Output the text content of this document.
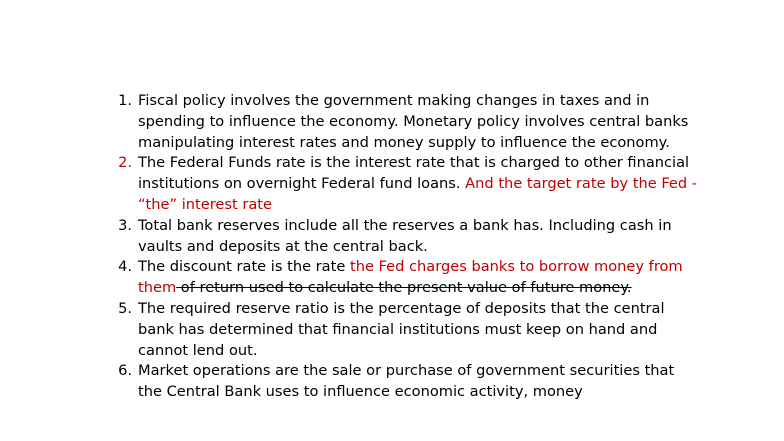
1. Fiscal policy involves the government making changes in taxes and in spending to influence the economy. Monetary policy involves central banks manipulating interest rates and money supply to influence the economy.
2. The Federal Funds rate is the interest rate that is charged to other financial institutions on overnight Federal fund loans. And the target rate by the Fed - “the” interest rate
3. Total bank reserves include all the reserves a bank has. Including cash in vaults and deposits at the central back.
4. The discount rate is the rate the Fed charges banks to borrow money from them of return used to calculate the present value of future money.
5. The required reserve ratio is the percentage of deposits that the central bank has determined that financial institutions must keep on hand and cannot lend out.
6. Market operations are the sale or purchase of government securities that the Central Bank uses to influence economic activity, money
